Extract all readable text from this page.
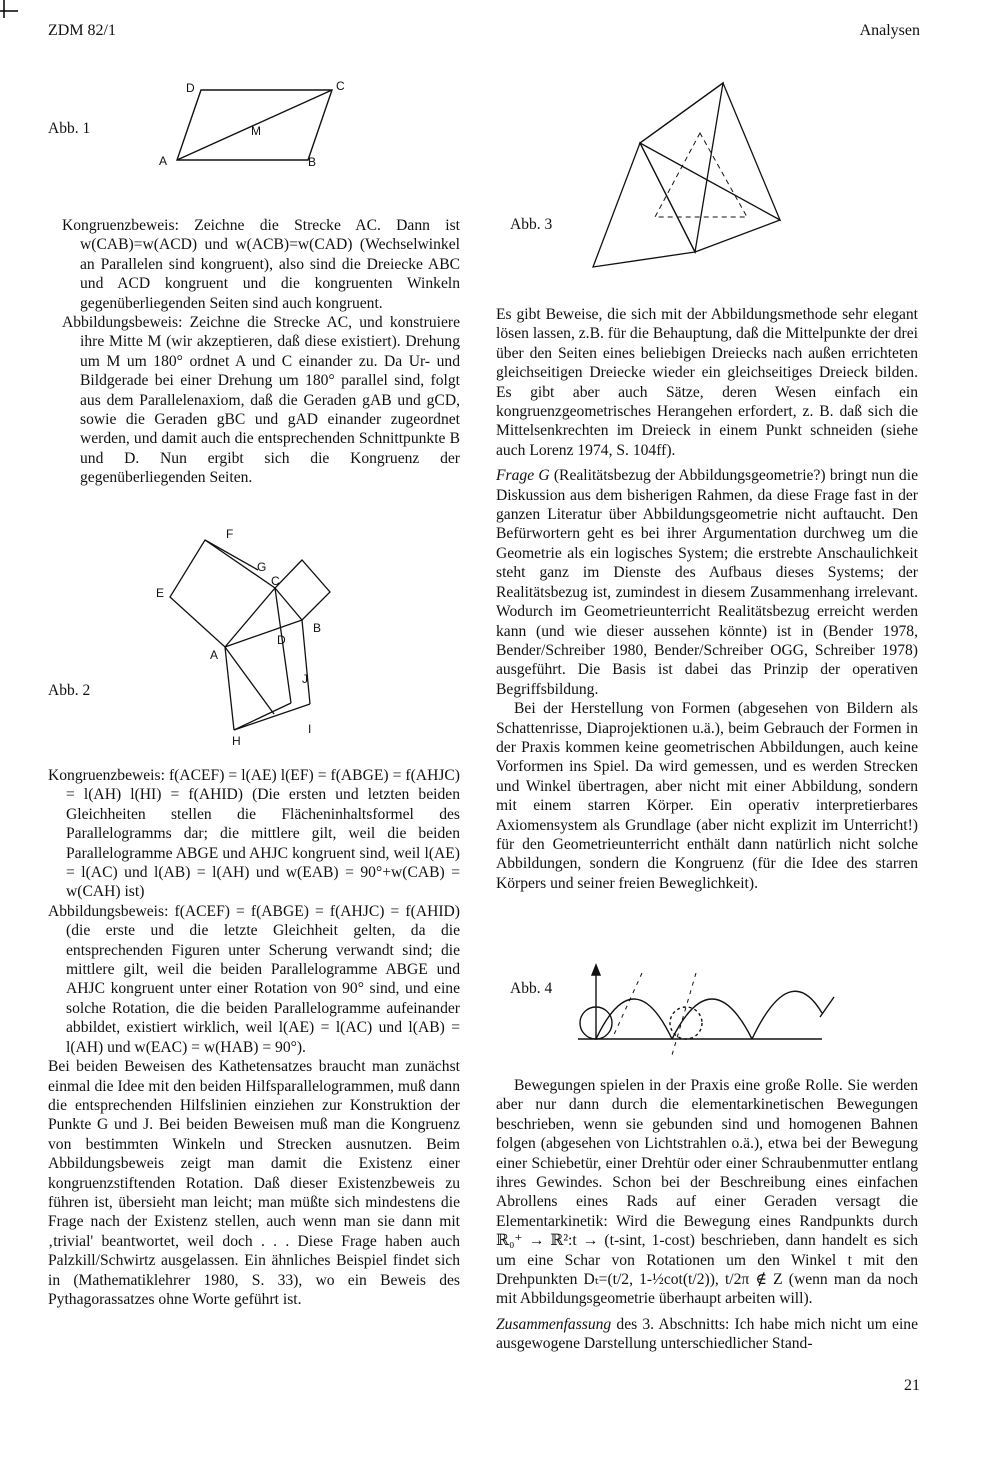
ZDM 82/1	Analysen
Abb. 1
D	C
M
A	B

Kongruenzbeweis: Zeichne die Strecke AC. Dann ist w(CAB)=w(ACD) und w(ACB)=w(CAD) (Wechselwinkel an Parallelen sind kongruent), also sind die Dreiecke ABC und ACD kongruent und die kongruenten Winkeln gegenüberliegenden Seiten sind auch kongruent.

Abbildungsbeweis: Zeichne die Strecke AC, und konstruiere ihre Mitte M (wir akzeptieren, daß diese existiert). Drehung um M um 180° ordnet A und C einander zu. Da Ur- und Bildgerade bei einer Drehung um 180° parallel sind, folgt aus dem Parallelenaxiom, daß die Geraden gAB und gCD, sowie die Geraden gBC und gAD einander zugeordnet werden, und damit auch die entsprechenden Schnittpunkte B und D. Nun ergibt sich die Kongruenz der gegenüberliegenden Seiten.

Abb. 2
F
G
C
E
B
D
A
J
I
H

Kongruenzbeweis: f(ACEF) = l(AE) l(EF) = f(ABGE) = f(AHJC) = l(AH) l(HI) = f(AHID) (Die ersten und letzten beiden Gleichheiten stellen die Flächeninhaltsformel des Parallelogramms dar; die mittlere gilt, weil die beiden Parallelogramme ABGE und AHJC kongruent sind, weil l(AE) = l(AC) und l(AB) = l(AH) und w(EAB) = 90°+w(CAB) = w(CAH) ist)

Abbildungsbeweis: f(ACEF) = f(ABGE) = f(AHJC) = f(AHID) (die erste und die letzte Gleichheit gelten, da die entsprechenden Figuren unter Scherung verwandt sind; die mittlere gilt, weil die beiden Parallelogramme ABGE und AHJC kongruent unter einer Rotation von 90° sind, und eine solche Rotation, die die beiden Parallelogramme aufeinander abbildet, existiert wirklich, weil l(AE) = l(AC) und l(AB) = l(AH) und w(EAC) = w(HAB) = 90°).

Bei beiden Beweisen des Kathetensatzes braucht man zunächst einmal die Idee mit den beiden Hilfsparallelogrammen, muß dann die entsprechenden Hilfslinien einziehen zur Konstruktion der Punkte G und J. Bei beiden Beweisen muß man die Kongruenz von bestimmten Winkeln und Strecken ausnutzen. Beim Abbildungsbeweis zeigt man damit die Existenz einer kongruenzstiftenden Rotation. Daß dieser Existenzbeweis zu führen ist, übersieht man leicht; man müßte sich mindestens die Frage nach der Existenz stellen, auch wenn man sie dann mit ‚trivial' beantwortet, weil doch . . . Diese Frage haben auch Palzkill/Schwirtz ausgelassen. Ein ähnliches Beispiel findet sich in (Mathematiklehrer 1980, S. 33), wo ein Beweis des Pythagorassatzes ohne Worte geführt ist.

Abb. 3

Es gibt Beweise, die sich mit der Abbildungsmethode sehr elegant lösen lassen, z.B. für die Behauptung, daß die Mittelpunkte der drei über den Seiten eines beliebigen Dreiecks nach außen errichteten gleichseitigen Dreiecke wieder ein gleichseitiges Dreieck bilden. Es gibt aber auch Sätze, deren Wesen einfach ein kongruenzgeometrisches Herangehen erfordert, z. B. daß sich die Mittelsenkrechten im Dreieck in einem Punkt schneiden (siehe auch Lorenz 1974, S. 104ff).

Frage G (Realitätsbezug der Abbildungsgeometrie?) bringt nun die Diskussion aus dem bisherigen Rahmen, da diese Frage fast in der ganzen Literatur über Abbildungsgeometrie nicht auftaucht. Den Befürwortern geht es bei ihrer Argumentation durchweg um die Geometrie als ein logisches System; die erstrebte Anschaulichkeit steht ganz im Dienste des Aufbaus dieses Systems; der Realitätsbezug ist, zumindest in diesem Zusammenhang irrelevant. Wodurch im Geometrieunterricht Realitätsbezug erreicht werden kann (und wie dieser aussehen könnte) ist in (Bender 1978, Bender/Schreiber 1980, Bender/Schreiber OGG, Schreiber 1978) ausgeführt. Die Basis ist dabei das Prinzip der operativen Begriffsbildung.

Bei der Herstellung von Formen (abgesehen von Bildern als Schattenrisse, Diaprojektionen u.ä.), beim Gebrauch der Formen in der Praxis kommen keine geometrischen Abbildungen, auch keine Vorformen ins Spiel. Da wird gemessen, und es werden Strecken und Winkel übertragen, aber nicht mit einer Abbildung, sondern mit einem starren Körper. Ein operativ interpretierbares Axiomensystem als Grundlage (aber nicht explizit im Unterricht!) für den Geometrieunterricht enthält dann natürlich nicht solche Abbildungen, sondern die Kongruenz (für die Idee des starren Körpers und seiner freien Beweglichkeit).

Abb. 4

Bewegungen spielen in der Praxis eine große Rolle. Sie werden aber nur dann durch die elementarkinetischen Bewegungen beschrieben, wenn sie gebunden sind und homogenen Bahnen folgen (abgesehen von Lichtstrahlen o.ä.), etwa bei der Bewegung einer Schiebetür, einer Drehtür oder einer Schraubenmutter entlang ihres Gewindes. Schon bei der Beschreibung eines einfachen Abrollens eines Rads auf einer Geraden versagt die Elementarkinetik: Wird die Bewegung eines Randpunkts durch ℝ₀⁺ → ℝ²:t → (t-sint, 1-cost) beschrieben, dann handelt es sich um eine Schar von Rotationen um den Winkel t mit den Drehpunkten Dₜ=(t/2, 1-½cot(t/2)), t/2π ∉ Z (wenn man da noch mit Abbildungsgeometrie überhaupt arbeiten will).

Zusammenfassung des 3. Abschnitts: Ich habe mich nicht um eine ausgewogene Darstellung unterschiedlicher Stand-

21
